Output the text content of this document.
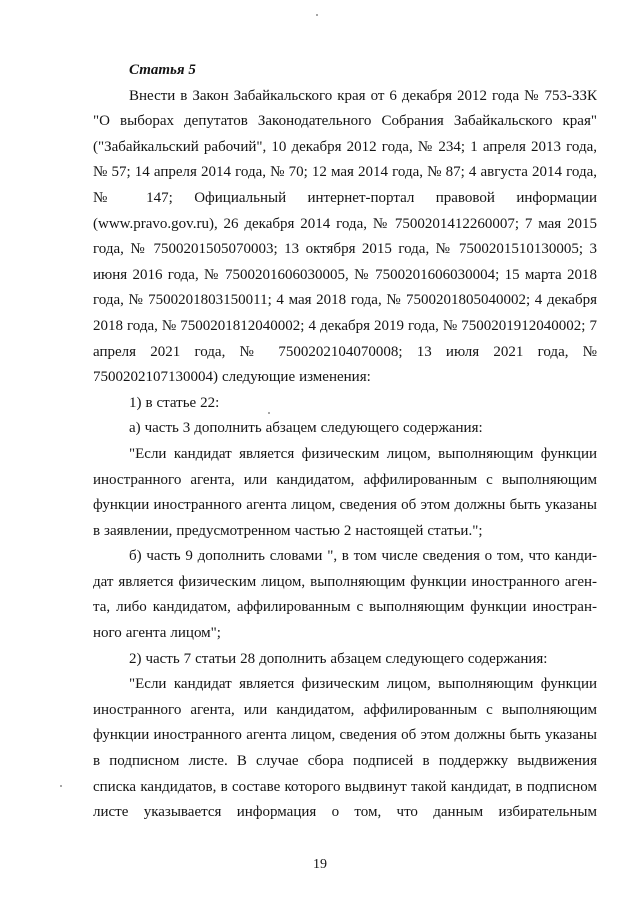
Статья 5

Внести в Закон Забайкальского края от 6 декабря 2012 года № 753-ЗЗК "О выборах депутатов Законодательного Собрания Забайкальского края" ("Забайкальский рабочий", 10 декабря 2012 года, № 234; 1 апреля 2013 года, № 57; 14 апреля 2014 года, № 70; 12 мая 2014 года, № 87; 4 августа 2014 года, № 147; Официальный интернет-портал правовой информации (www.pravo.gov.ru), 26 декабря 2014 года, № 7500201412260007; 7 мая 2015 года, № 7500201505070003; 13 октября 2015 года, № 7500201510130005; 3 июня 2016 года, № 7500201606030005, № 7500201606030004; 15 марта 2018 года, № 7500201803150011; 4 мая 2018 года, № 7500201805040002; 4 декабря 2018 года, № 7500201812040002; 4 декабря 2019 года, № 7500201912040002; 7 апреля 2021 года, № 7500202104070008; 13 июля 2021 года, № 7500202107130004) следующие изменения:

1) в статье 22:

а) часть 3 дополнить абзацем следующего содержания:

"Если кандидат является физическим лицом, выполняющим функции иностранного агента, или кандидатом, аффилированным с выполняющим функции иностранного агента лицом, сведения об этом должны быть указаны в заявлении, предусмотренном частью 2 настоящей статьи.";

б) часть 9 дополнить словами ", в том числе сведения о том, что кандидат является физическим лицом, выполняющим функции иностранного агента, либо кандидатом, аффилированным с выполняющим функции иностранного агента лицом";

2) часть 7 статьи 28 дополнить абзацем следующего содержания:

"Если кандидат является физическим лицом, выполняющим функции иностранного агента, или кандидатом, аффилированным с выполняющим функции иностранного агента лицом, сведения об этом должны быть указаны в подписном листе. В случае сбора подписей в поддержку выдвижения списка кандидатов, в составе которого выдвинут такой кандидат, в подписном листе указывается информация о том, что данным избирательным

19
